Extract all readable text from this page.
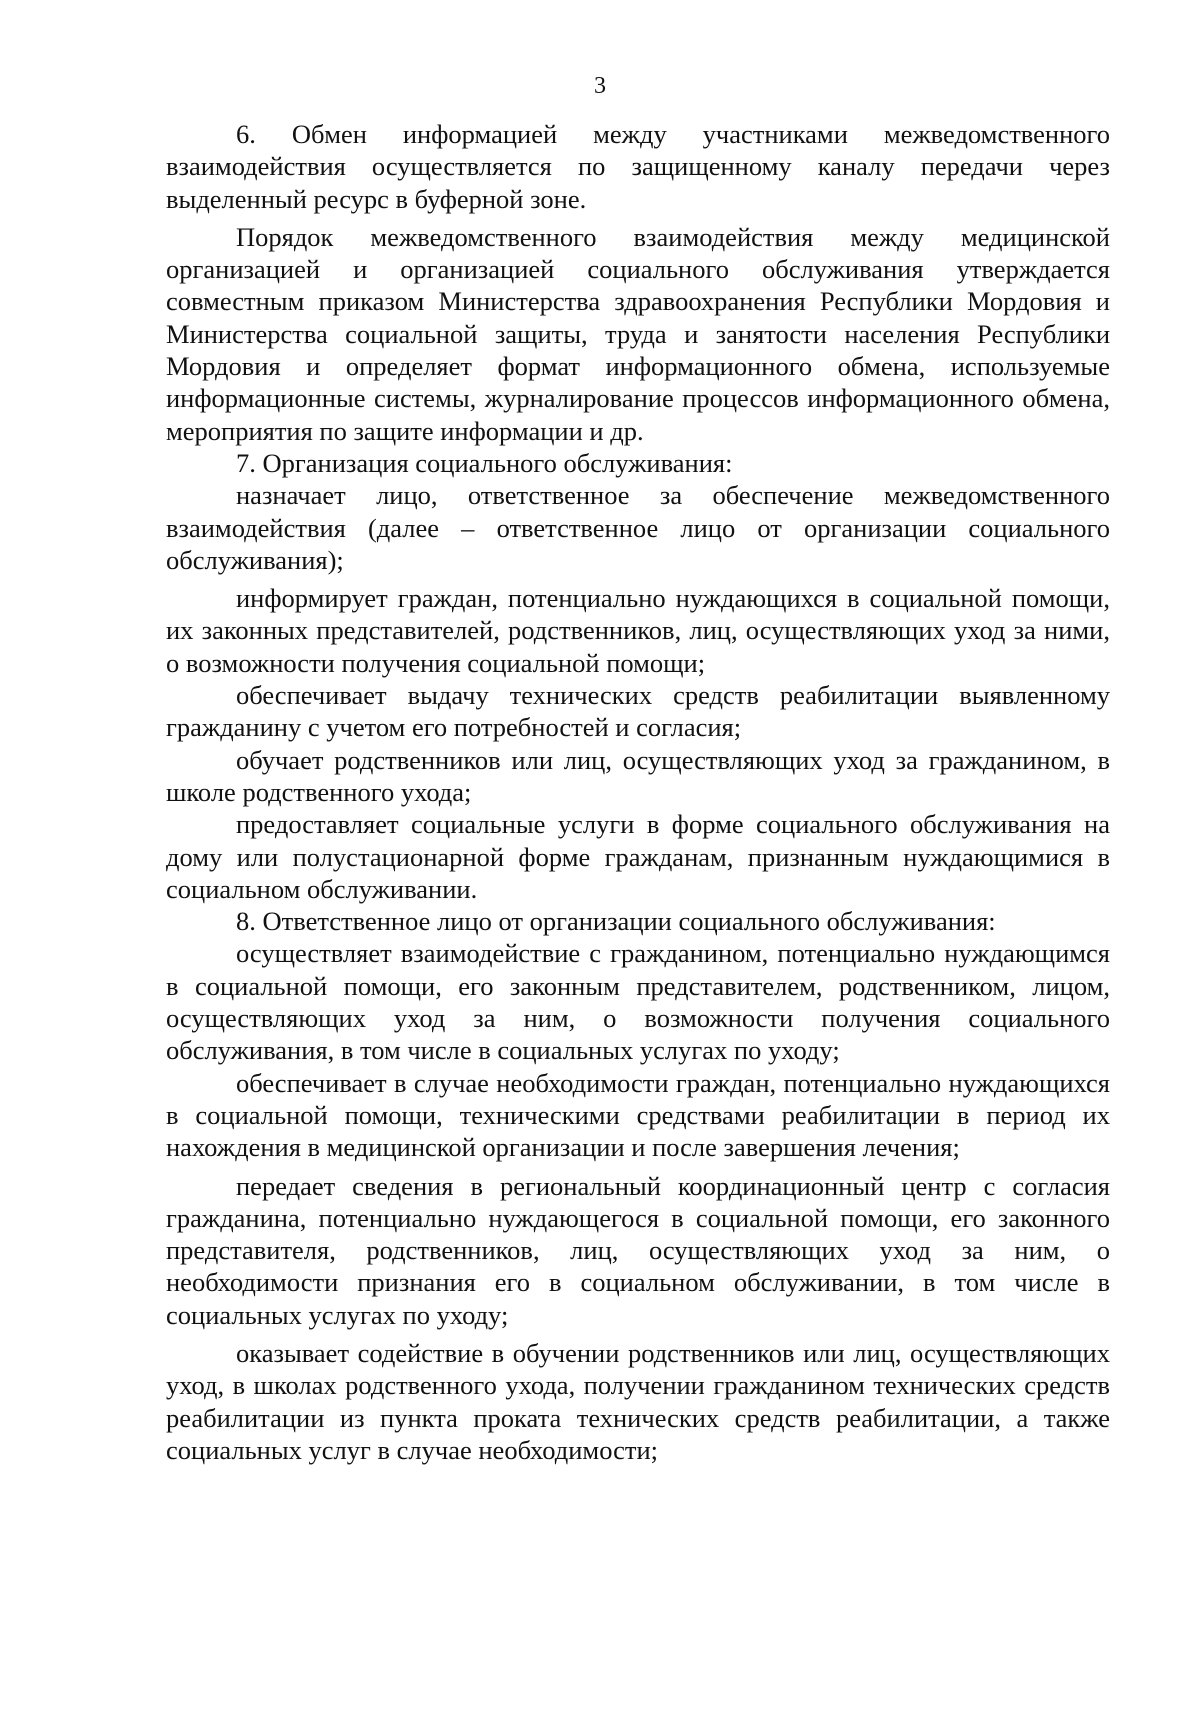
3

6. Обмен информацией между участниками межведомственного взаимодействия осуществляется по защищенному каналу передачи через выделенный ресурс в буферной зоне.

Порядок межведомственного взаимодействия между медицинской организацией и организацией социального обслуживания утверждается совместным приказом Министерства здравоохранения Республики Мордовия и Министерства социальной защиты, труда и занятости населения Республики Мордовия и определяет формат информационного обмена, используемые информационные системы, журналирование процессов информационного обмена, мероприятия по защите информации и др.

7. Организация социального обслуживания:

назначает лицо, ответственное за обеспечение межведомственного взаимодействия (далее – ответственное лицо от организации социального обслуживания);

информирует граждан, потенциально нуждающихся в социальной помощи, их законных представителей, родственников, лиц, осуществляющих уход за ними, о возможности получения социальной помощи;

обеспечивает выдачу технических средств реабилитации выявленному гражданину с учетом его потребностей и согласия;

обучает родственников или лиц, осуществляющих уход за гражданином, в школе родственного ухода;

предоставляет социальные услуги в форме социального обслуживания на дому или полустационарной форме гражданам, признанным нуждающимися в социальном обслуживании.

8. Ответственное лицо от организации социального обслуживания:

осуществляет взаимодействие с гражданином, потенциально нуждающимся в социальной помощи, его законным представителем, родственником, лицом, осуществляющих уход за ним, о возможности получения социального обслуживания, в том числе в социальных услугах по уходу;

обеспечивает в случае необходимости граждан, потенциально нуждающихся в социальной помощи, техническими средствами реабилитации в период их нахождения в медицинской организации и после завершения лечения;

передает сведения в региональный координационный центр с согласия гражданина, потенциально нуждающегося в социальной помощи, его законного представителя, родственников, лиц, осуществляющих уход за ним, о необходимости признания его в социальном обслуживании, в том числе в социальных услугах по уходу;

оказывает содействие в обучении родственников или лиц, осуществляющих уход, в школах родственного ухода, получении гражданином технических средств реабилитации из пункта проката технических средств реабилитации, а также социальных услуг в случае необходимости;
